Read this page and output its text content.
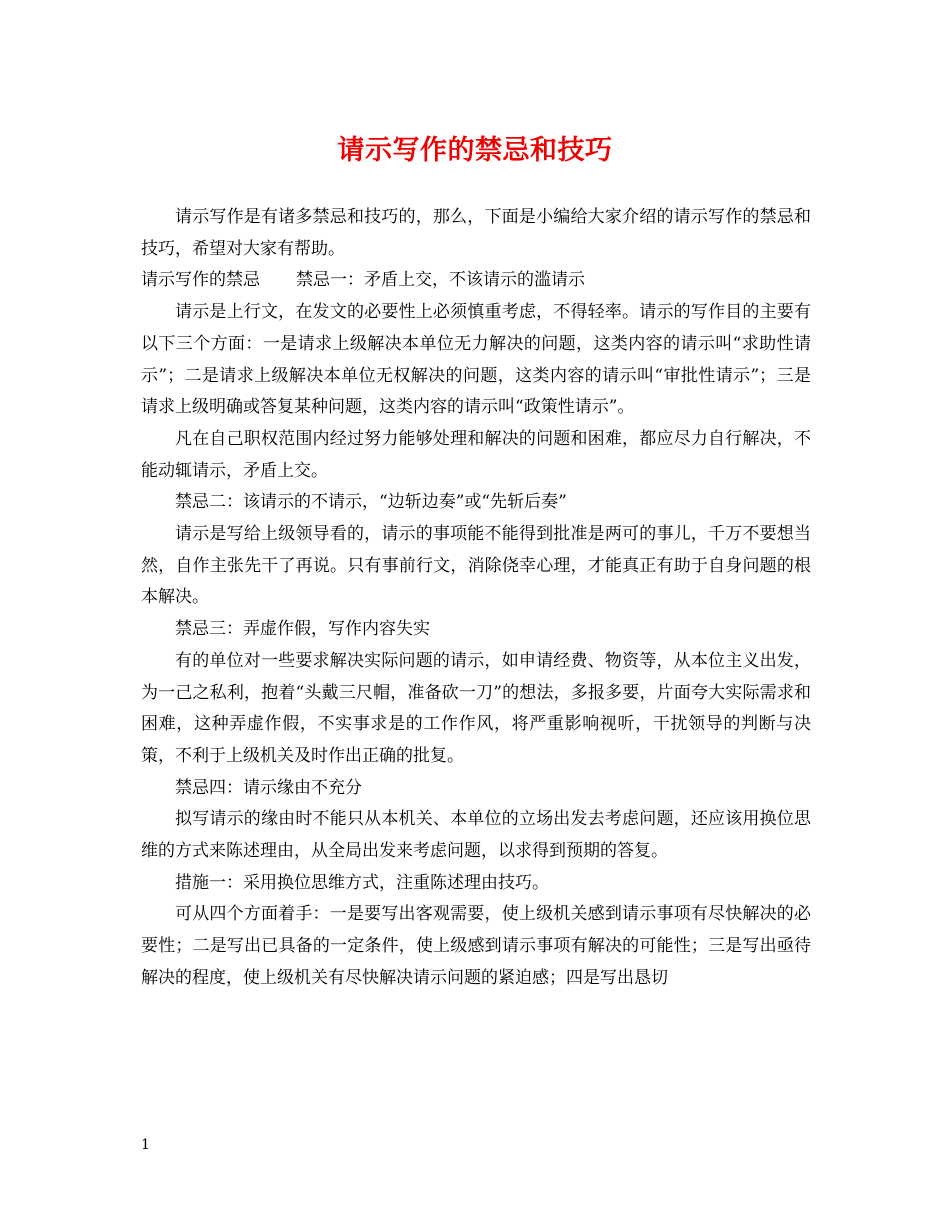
请示写作的禁忌和技巧

请示写作是有诸多禁忌和技巧的，那么，下面是小编给大家介绍的请示写作的禁忌和技巧，希望对大家有帮助。

请示写作的禁忌 禁忌一：矛盾上交，不该请示的滥请示

请示是上行文，在发文的必要性上必须慎重考虑，不得轻率。请示的写作目的主要有以下三个方面：一是请求上级解决本单位无力解决的问题，这类内容的请示叫“求助性请示”；二是请求上级解决本单位无权解决的问题，这类内容的请示叫“审批性请示”；三是请求上级明确或答复某种问题，这类内容的请示叫“政策性请示”。

凡在自己职权范围内经过努力能够处理和解决的问题和困难，都应尽力自行解决，不能动辄请示，矛盾上交。

禁忌二：该请示的不请示，“边斩边奏”或“先斩后奏”

请示是写给上级领导看的，请示的事项能不能得到批准是两可的事儿，千万不要想当然，自作主张先干了再说。只有事前行文，消除侥幸心理，才能真正有助于自身问题的根本解决。

禁忌三：弄虚作假，写作内容失实

有的单位对一些要求解决实际问题的请示，如申请经费、物资等，从本位主义出发，为一己之私利，抱着“头戴三尺帽，准备砍一刀”的想法，多报多要，片面夸大实际需求和困难，这种弄虚作假，不实事求是的工作作风，将严重影响视听，干扰领导的判断与决策，不利于上级机关及时作出正确的批复。

禁忌四：请示缘由不充分

拟写请示的缘由时不能只从本机关、本单位的立场出发去考虑问题，还应该用换位思维的方式来陈述理由，从全局出发来考虑问题，以求得到预期的答复。

措施一：采用换位思维方式，注重陈述理由技巧。

可从四个方面着手：一是要写出客观需要，使上级机关感到请示事项有尽快解决的必要性；二是写出已具备的一定条件，使上级感到请示事项有解决的可能性；三是写出亟待解决的程度，使上级机关有尽快解决请示问题的紧迫感；四是写出恳切

1
